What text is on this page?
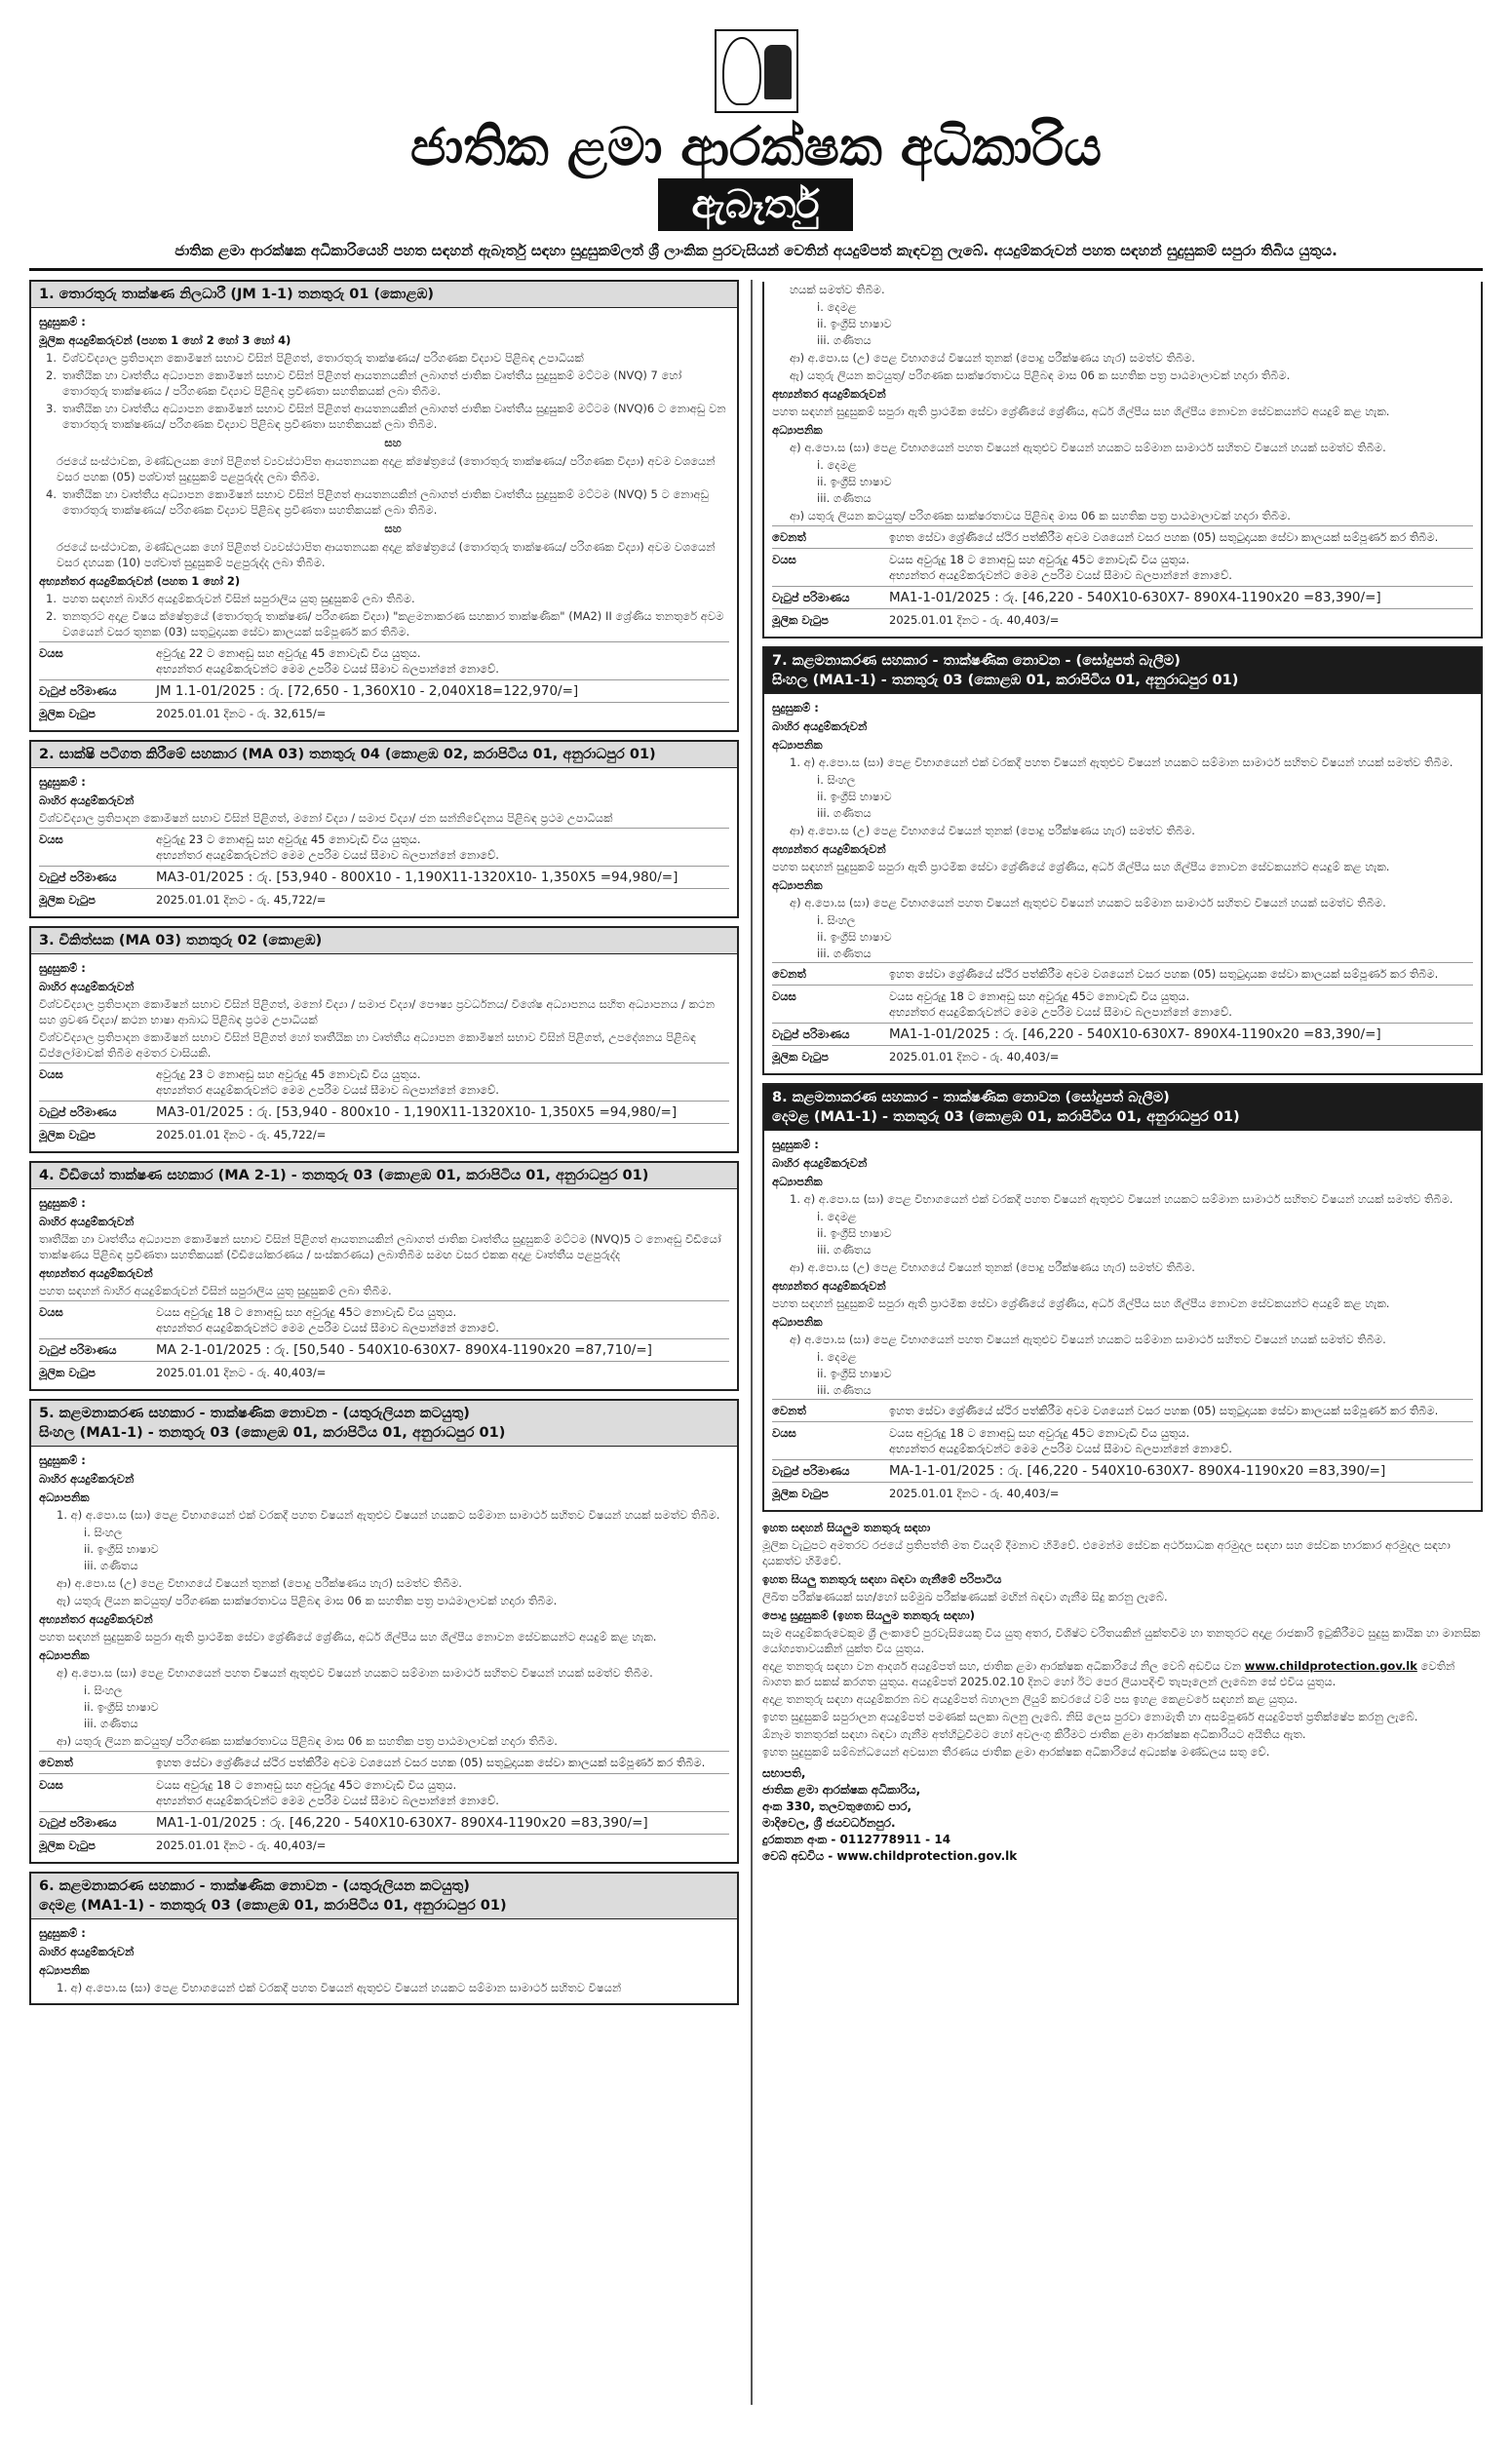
ජාතික ළමා ආරක්ෂක අධිකාරිය
ඇබෑර්තු
ජාතික ළමා ආරක්ෂක අධිකාරියෙහි පහත සඳහන් ඇබෑර්තු සඳහා සුදුසුකම්ලත් ශ්‍රී ලාංකික පුරවැසියන් වෙතින් අයදුම්පත් කැඳවනු ලැබේ. අයදුම්කරුවන් පහත සඳහන් සුදුසුකම් සපුරා තිබිය යුතුය.
1. තොරතුරු තාක්ෂණ නිලධාරී (JM 1-1) තනතුරු 01 (කොළඹ)
සුදුසුකම් :
මූලික අයදුම්කරුවන් (පහත 1 හෝ 2 හෝ 3 හෝ 4)
1. විශ්වවිද්‍යාල ප්‍රතිපාදන කොමිෂන් සභාව විසින් පිළිගත්, තොරතුරු තාක්ෂණය/ පරිගණක විද්‍යාව පිළිබඳ උපාධියක්
2. තෘතීයික හා වෘත්තීය අධ්‍යාපන කොමිෂන් සභාව විසින් පිළිගත් ආයතනයකින් ලබාගත් ජාතික වෘත්තීය සුදුසුකම් මට්ටම (NVQ) 7 හෝ තොරතුරු තාක්ෂණය / පරිගණක විද්‍යාව පිළිබඳ ප්‍රවීණතා සහතිකයක් ලබා තිබීම.
3. තෘතීයික හා වෘත්තීය අධ්‍යාපන කොමිෂන් සභාව විසින් පිළිගත් ආයතනයකින් ලබාගත් ජාතික වෘත්තීය සුදුසුකම් මට්ටම (NVQ)6 ට නොඅඩු වන තොරතුරු තාක්ෂණය/ පරිගණක විද්‍යාව පිළිබඳ ප්‍රවීණතා සහතිකයක් ලබා තිබීම.
සහ
රජයේ සංස්ථාවක, මණ්ඩලයක හෝ පිළිගත් ව්‍යවස්ථාපිත ආයතනයක අදාළ ක්ෂේත්‍රයේ (තොරතුරු තාක්ෂණය/ පරිගණක විද්‍යා) අවම වශයෙන් වසර පහක (05) පශ්චාත් සුදුසුකම් පළපුරුද්ද ලබා තිබීම.
4. තෘතීයික හා වෘත්තීය අධ්‍යාපන කොමිෂන් සභාව විසින් පිළිගත් ආයතනයකින් ලබාගත් ජාතික වෘත්තීය සුදුසුකම් මට්ටම (NVQ) 5 ට නොඅඩු තොරතුරු තාක්ෂණය/ පරිගණක විද්‍යාව පිළිබඳ ප්‍රවීණතා සහතිකයක් ලබා තිබීම.
සහ
රජයේ සංස්ථාවක, මණ්ඩලයක හෝ පිළිගත් ව්‍යවස්ථාපිත ආයතනයක අදාළ ක්ෂේත්‍රයේ (තොරතුරු තාක්ෂණය/ පරිගණක විද්‍යා) අවම වශයෙන් වසර දහයක (10) පශ්චාත් සුදුසුකම් පළපුරුද්ද ලබා තිබීම.
අභ්‍යන්තර අයදුම්කරුවන් (පහත 1 හෝ 2)
1. පහත සඳහන් බාහිර අයදුම්කරුවන් විසින් සපුරාලිය යුතු සුදුසුකම් ලබා තිබීම.
2. තනතුරට අදාළ විෂය ක්ෂේත්‍රයේ (තොරතුරු තාක්ෂණ/ පරිගණක විද්‍යා) "කළමනාකරණ සහකාර තාක්ෂණික" (MA2) II ශ්‍රේණිය තනතුරේ අවම වශයෙන් වසර තුනක (03) සතුටුදායක සේවා කාලයක් සම්පූර්ණ කර තිබීම.
වයස	අවුරුදු 22 ට නොඅඩු සහ අවුරුදු 45 නොවැඩි විය යුතුය.
අභ්‍යන්තර අයදුම්කරුවන්ට මෙම උපරිම වයස් සීමාව බලපාන්නේ නොවේ.
වැටුප් පරිමාණය	JM 1.1-01/2025 : රු. [72,650 - 1,360X10 - 2,040X18=122,970/=]
මූලික වැටුප	2025.01.01 දිනට - රු. 32,615/=
2. සාක්ෂි පටිගත කිරීමේ සහකාර (MA 03) තනතුරු 04 (කොළඹ 02, කරාපිටිය 01, අනුරාධපුර 01)
සුදුසුකම් :
බාහිර අයදුම්කරුවන්
විශ්වවිද්‍යාල ප්‍රතිපාදන කොමිෂන් සභාව විසින් පිළිගත්, මනෝ විද්‍යා / සමාජ විද්‍යා/ ජන සන්නිවේදනය පිළිබඳ ප්‍රථම උපාධියක්
වයස	අවුරුදු 23 ට නොඅඩු සහ අවුරුදු 45 නොවැඩි විය යුතුය.
අභ්‍යන්තර අයදුම්කරුවන්ට මෙම උපරිම වයස් සීමාව බලපාන්නේ නොවේ.
වැටුප් පරිමාණය	MA3-01/2025 : රු. [53,940 - 800X10 - 1,190X11-1320X10- 1,350X5 =94,980/=]
මූලික වැටුප	2025.01.01 දිනට - රු. 45,722/=
3. චිකිත්සක (MA 03) තනතුරු 02 (කොළඹ)
සුදුසුකම් :
බාහිර අයදුම්කරුවන්
විශ්වවිද්‍යාල ප්‍රතිපාදන කොමිෂන් සභාව විසින් පිළිගත්, මනෝ විද්‍යා / සමාජ විද්‍යා/ පෞෂ්‍ය ප්‍රවර්ධනය/ විශේෂ අධ්‍යාපනය සහිත අධ්‍යාපනය / කථන සහ ශ්‍රවණ විද්‍යා/ කථන භාෂා ආබාධ පිළිබඳ ප්‍රථම උපාධියක්
විශ්වවිද්‍යාල ප්‍රතිපාදන කොමිෂන් සභාව විසින් පිළිගත් හෝ තෘතීයික හා වෘත්තීය අධ්‍යාපන කොමිෂන් සභාව විසින් පිළිගත්, උපදේශනය පිළිබඳ ඩිප්ලෝමාවක් තිබීම අමතර වාසියකි.
වයස	අවුරුදු 23 ට නොඅඩු සහ අවුරුදු 45 නොවැඩි විය යුතුය.
අභ්‍යන්තර අයදුම්කරුවන්ට මෙම උපරිම වයස් සීමාව බලපාන්නේ නොවේ.
වැටුප් පරිමාණය	MA3-01/2025 : රු. [53,940 - 800x10 - 1,190X11-1320X10- 1,350X5 =94,980/=]
මූලික වැටුප	2025.01.01 දිනට - රු. 45,722/=
4. වීඩියෝ තාක්ෂණ සහකාර (MA 2-1) - තනතුරු 03 (කොළඹ 01, කරාපිටිය 01, අනුරාධපුර 01)
සුදුසුකම් :
බාහිර අයදුම්කරුවන්
තෘතීයික හා වෘත්තීය අධ්‍යාපන කොමිෂන් සභාව විසින් පිළිගත් ආයතනයකින් ලබාගත් ජාතික වෘත්තීය සුදුසුකම් මට්ටම (NVQ)5 ට නොඅඩු වීඩියෝ තාක්ෂණය පිළිබඳ ප්‍රවීණතා සහතිකයක් (වීඩියෝකරණය / සංස්කරණය) ලබාතිබීම සමඟ වසර එකක අදාළ වෘත්තීය පළපුරුද්ද
අභ්‍යන්තර අයදුම්කරුවන්
පහත සඳහන් බාහිර අයදුම්කරුවන් විසින් සපුරාලිය යුතු සුදුසුකම් ලබා තිබීම.
වයස	වයස අවුරුදු 18 ට නොඅඩු සහ අවුරුදු 45ට නොවැඩි විය යුතුය.
අභ්‍යන්තර අයදුම්කරුවන්ට මෙම උපරිම වයස් සීමාව බලපාන්නේ නොවේ.
වැටුප් පරිමාණය	MA 2-1-01/2025 : රු. [50,540 - 540X10-630X7- 890X4-1190x20 =87,710/=]
මූලික වැටුප	2025.01.01 දිනට - රු. 40,403/=
5. කළමනාකරණ සහකාර - තාක්ෂණික නොවන - (යතුරුලියන කටයුතු)
සිංහල (MA1-1) - තනතුරු 03 (කොළඹ 01, කරාපිටිය 01, අනුරාධපුර 01)
සුදුසුකම් :
බාහිර අයදුම්කරුවන්
අධ්‍යාපනික
1. අ) අ.පො.ස (සා) පෙළ විභාගයෙන් එක් වරකදී පහත විෂයන් ඇතුළුව විෂයන් හයකට සම්මාන සාමාර්ථ සහිතව විෂයන් හයක් සමත්ව තිබීම.
i. සිංහල
ii. ඉංග්‍රීසි භාෂාව
iii. ගණිතය
ආ) අ.පො.ස (උ) පෙළ විභාගයේ විෂයන් තුනක් (පොදු පරීක්ෂණය හැර) සමත්ව තිබීම.
ඇ) යතුරු ලියන කටයුතු/ පරිගණක සාක්ෂරතාවය පිළිබඳ මාස 06 ක සහතික පත්‍ර පාඨමාලාවක් හදාරා තිබීම.
අභ්‍යන්තර අයදුම්කරුවන්
පහත සඳහන් සුදුසුකම් සපුරා ඇති ප්‍රාථමික සේවා ශ්‍රේණියේ ශ්‍රේණිය, අර්ධ ශිල්පීය සහ ශිල්පීය නොවන සේවකයන්ට අයදුම් කළ හැක.
අධ්‍යාපනික
අ) අ.පො.ස (සා) පෙළ විභාගයෙන් පහත විෂයන් ඇතුළුව විෂයන් හයකට සම්මාන සාමාර්ථ සහිතව විෂයන් හයක් සමත්ව තිබීම.
i. සිංහල
ii. ඉංග්‍රීසි භාෂාව
iii. ගණිතය
ආ) යතුරු ලියන කටයුතු/ පරිගණක සාක්ෂරතාවය පිළිබඳ මාස 06 ක සහතික පත්‍ර පාඨමාලාවක් හදාරා තිබීම.
වෙනත්	ඉහත සේවා ශ්‍රේණියේ ස්ථිර පත්කිරීම අවම වශයෙන් වසර පහක (05) සතුටුදායක සේවා කාලයක් සම්පූර්ණ කර තිබීම.
වයස	වයස අවුරුදු 18 ට නොඅඩු සහ අවුරුදු 45ට නොවැඩි විය යුතුය.
අභ්‍යන්තර අයදුම්කරුවන්ට මෙම උපරිම වයස් සීමාව බලපාන්නේ නොවේ.
වැටුප් පරිමාණය	MA1-1-01/2025 : රු. [46,220 - 540X10-630X7- 890X4-1190x20 =83,390/=]
මූලික වැටුප	2025.01.01 දිනට - රු. 40,403/=
6. කළමනාකරණ සහකාර - තාක්ෂණික නොවන - (යතුරුලියන කටයුතු)
දෙමළ (MA1-1) - තනතුරු 03 (කොළඹ 01, කරාපිටිය 01, අනුරාධපුර 01)
සුදුසුකම් :
බාහිර අයදුම්කරුවන්
අධ්‍යාපනික
1. අ) අ.පො.ස (සා) පෙළ විභාගයෙන් එක් වරකදී පහත විෂයන් ඇතුළුව විෂයන් හයකට සම්මාන සාමාර්ථ සහිතව විෂයන්
හයක් සමත්ව තිබීම.
i. දෙමළ
ii. ඉංග්‍රීසි භාෂාව
iii. ගණිතය
ආ) අ.පො.ස (උ) පෙළ විභාගයේ විෂයන් තුනක් (පොදු පරීක්ෂණය හැර) සමත්ව තිබීම.
ඇ) යතුරු ලියන කටයුතු/ පරිගණක සාක්ෂරතාවය පිළිබඳ මාස 06 ක සහතික පත්‍ර පාඨමාලාවක් හදාරා තිබීම.
අභ්‍යන්තර අයදුම්කරුවන්
පහත සඳහන් සුදුසුකම් සපුරා ඇති ප්‍රාථමික සේවා ශ්‍රේණියේ ශ්‍රේණිය, අර්ධ ශිල්පීය සහ ශිල්පීය නොවන සේවකයන්ට අයදුම් කළ හැක.
අධ්‍යාපනික
අ) අ.පො.ස (සා) පෙළ විභාගයෙන් පහත විෂයන් ඇතුළුව විෂයන් හයකට සම්මාන සාමාර්ථ සහිතව විෂයන් හයක් සමත්ව තිබීම.
i. දෙමළ
ii. ඉංග්‍රීසි භාෂාව
iii. ගණිතය
ආ) යතුරු ලියන කටයුතු/ පරිගණක සාක්ෂරතාවය පිළිබඳ මාස 06 ක සහතික පත්‍ර පාඨමාලාවක් හදාරා තිබීම.
වෙනත්	ඉහත සේවා ශ්‍රේණියේ ස්ථිර පත්කිරීම අවම වශයෙන් වසර පහක (05) සතුටුදායක සේවා කාලයක් සම්පූර්ණ කර තිබීම.
වයස	වයස අවුරුදු 18 ට නොඅඩු සහ අවුරුදු 45ට නොවැඩි විය යුතුය.
අභ්‍යන්තර අයදුම්කරුවන්ට මෙම උපරිම වයස් සීමාව බලපාන්නේ නොවේ.
වැටුප් පරිමාණය	MA1-1-01/2025 : රු. [46,220 - 540X10-630X7- 890X4-1190x20 =83,390/=]
මූලික වැටුප	2025.01.01 දිනට - රු. 40,403/=
7. කළමනාකරණ සහකාර - තාක්ෂණික නොවන - (සෝදුපත් බැලීම)
සිංහල (MA1-1) - තනතුරු 03 (කොළඹ 01, කරාපිටිය 01, අනුරාධපුර 01)
සුදුසුකම් :
බාහිර අයදුම්කරුවන්
අධ්‍යාපනික
1. අ) අ.පො.ස (සා) පෙළ විභාගයෙන් එක් වරකදී පහත විෂයන් ඇතුළුව විෂයන් හයකට සම්මාන සාමාර්ථ සහිතව විෂයන් හයක් සමත්ව තිබීම.
i. සිංහල
ii. ඉංග්‍රීසි භාෂාව
iii. ගණිතය
ආ) අ.පො.ස (උ) පෙළ විභාගයේ විෂයන් තුනක් (පොදු පරීක්ෂණය හැර) සමත්ව තිබීම.
අභ්‍යන්තර අයදුම්කරුවන්
පහත සඳහන් සුදුසුකම් සපුරා ඇති ප්‍රාථමික සේවා ශ්‍රේණියේ ශ්‍රේණිය, අර්ධ ශිල්පීය සහ ශිල්පීය නොවන සේවකයන්ට අයදුම් කළ හැක.
අධ්‍යාපනික
අ) අ.පො.ස (සා) පෙළ විභාගයෙන් පහත විෂයන් ඇතුළුව විෂයන් හයකට සම්මාන සාමාර්ථ සහිතව විෂයන් හයක් සමත්ව තිබීම.
i. සිංහල
ii. ඉංග්‍රීසි භාෂාව
iii. ගණිතය
වෙනත්	ඉහත සේවා ශ්‍රේණියේ ස්ථිර පත්කිරීම අවම වශයෙන් වසර පහක (05) සතුටුදායක සේවා කාලයක් සම්පූර්ණ කර තිබීම.
වයස	වයස අවුරුදු 18 ට නොඅඩු සහ අවුරුදු 45ට නොවැඩි විය යුතුය.
අභ්‍යන්තර අයදුම්කරුවන්ට මෙම උපරිම වයස් සීමාව බලපාන්නේ නොවේ.
වැටුප් පරිමාණය	MA1-1-01/2025 : රු. [46,220 - 540X10-630X7- 890X4-1190x20 =83,390/=]
මූලික වැටුප	2025.01.01 දිනට - රු. 40,403/=
8. කළමනාකරණ සහකාර - තාක්ෂණික නොවන (සෝදුපත් බැලීම)
දෙමළ (MA1-1) - තනතුරු 03 (කොළඹ 01, කරාපිටිය 01, අනුරාධපුර 01)
සුදුසුකම් :
බාහිර අයදුම්කරුවන්
අධ්‍යාපනික
1. අ) අ.පො.ස (සා) පෙළ විභාගයෙන් එක් වරකදී පහත විෂයන් ඇතුළුව විෂයන් හයකට සම්මාන සාමාර්ථ සහිතව විෂයන් හයක් සමත්ව තිබීම.
i. දෙමළ
ii. ඉංග්‍රීසි භාෂාව
iii. ගණිතය
ආ) අ.පො.ස (උ) පෙළ විභාගයේ විෂයන් තුනක් (පොදු පරීක්ෂණය හැර) සමත්ව තිබීම.
අභ්‍යන්තර අයදුම්කරුවන්
පහත සඳහන් සුදුසුකම් සපුරා ඇති ප්‍රාථමික සේවා ශ්‍රේණියේ ශ්‍රේණිය, අර්ධ ශිල්පීය සහ ශිල්පීය නොවන සේවකයන්ට අයදුම් කළ හැක.
අධ්‍යාපනික
අ) අ.පො.ස (සා) පෙළ විභාගයෙන් පහත විෂයන් ඇතුළුව විෂයන් හයකට සම්මාන සාමාර්ථ සහිතව විෂයන් හයක් සමත්ව තිබීම.
i. දෙමළ
ii. ඉංග්‍රීසි භාෂාව
iii. ගණිතය
වෙනත්	ඉහත සේවා ශ්‍රේණියේ ස්ථිර පත්කිරීම අවම වශයෙන් වසර පහක (05) සතුටුදායක සේවා කාලයක් සම්පූර්ණ කර තිබීම.
වයස	වයස අවුරුදු 18 ට නොඅඩු සහ අවුරුදු 45ට නොවැඩි විය යුතුය.
අභ්‍යන්තර අයදුම්කරුවන්ට මෙම උපරිම වයස් සීමාව බලපාන්නේ නොවේ.
වැටුප් පරිමාණය	MA-1-1-01/2025 : රු. [46,220 - 540X10-630X7- 890X4-1190x20 =83,390/=]
මූලික වැටුප	2025.01.01 දිනට - රු. 40,403/=
ඉහත සඳහන් සියලුම තනතුරු සඳහා
මූලික වැටුපට අමතරව රජයේ ප්‍රතිපත්ති මත වියදම් දීමනාව හිමිවේ. එමෙන්ම සේවක අර්ථසාධක අරමුදල සඳහා සහ සේවක භාරකාර අරමුදල සඳහා දායකත්ව හිමිවේ.
ඉහත සියලු තනතුරු සඳහා බඳවා ගැනීමේ පරිපාටිය
ලිඛිත පරීක්ෂණයක් සහ/හෝ සම්මුඛ පරීක්ෂණයක් මඟින් බඳවා ගැනීම සිදු කරනු ලැබේ.
පොදු සුදුසුකම් (ඉහත සියලුම තනතුරු සඳහා)
සෑම අයදුම්කරුවෙකුම ශ්‍රී ලංකාවේ පුරවැසියෙකු විය යුතු අතර, විශිෂ්ට චරිතයකින් යුක්තවීම හා තනතුරට අදාළ රාජකාරි ඉටුකිරීමට සුදුසු කායික හා මානසික යෝග්‍යතාවයකින් යුක්ත විය යුතුය.
අදාළ තනතුරු සඳහා වන ආදර්ශ අයදුම්පත් සහ, ජාතික ළමා ආරක්ෂක අධිකාරියේ නිල වෙබ් අඩවිය වන www.childprotection.gov.lk වෙතින් බාගත කර සකස් කරගත යුතුය. අයදුම්පත් 2025.02.10 දිනට හෝ ඊට පෙර ලියාපදිංචි තැපෑලෙන් ලැබෙන සේ එවිය යුතුය.
අදාළ තනතුරු සඳහා අයදුම්කරන බව අයදුම්පත් බහාලන ලියුම් කවරයේ වම් පස ඉහළ කෙළවරේ සඳහන් කළ යුතුය.
ඉහත සුදුසුකම් සපුරාලන අයදුම්පත් පමණක් සලකා බලනු ලැබේ. නිසි ලෙස පුරවා නොමැති හා අසම්පූර්ණ අයදුම්පත් ප්‍රතික්ෂේප කරනු ලැබේ.
ඕනෑම තනතුරක් සඳහා බඳවා ගැනීම අත්හිටුවීමට හෝ අවලංගු කිරීමට ජාතික ළමා ආරක්ෂක අධිකාරියට අයිතිය ඇත.
ඉහත සුදුසුකම් සම්බන්ධයෙන් අවසාන තීරණය ජාතික ළමා ආරක්ෂක අධිකාරියේ අධ්‍යක්ෂ මණ්ඩලය සතු වේ.
සභාපති,
ජාතික ළමා ආරක්ෂක අධිකාරිය,
අංක 330, තලවතුගොඩ පාර,
මාදිවෙල, ශ්‍රී ජයවර්ධනපුර.
දුරකතන අංක - 0112778911 - 14
වෙබ් අඩවිය - www.childprotection.gov.lk
